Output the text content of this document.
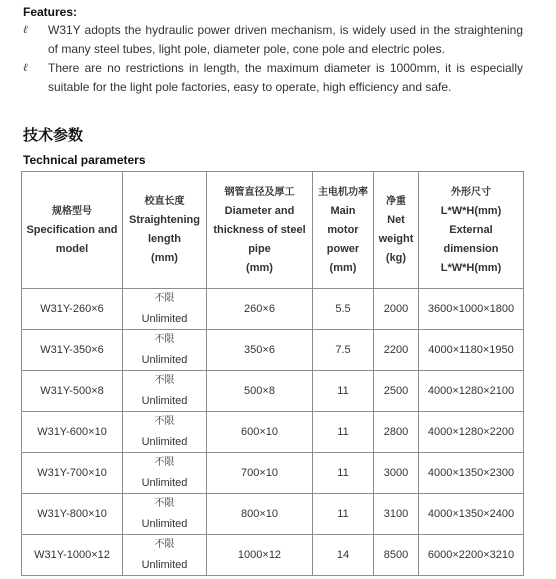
Features:
ℓ W31Y adopts the hydraulic power driven mechanism, is widely used in the straightening of many steel tubes, light pole, diameter pole, cone pole and electric poles.
ℓ There are no restrictions in length, the maximum diameter is 1000mm, it is especially suitable for the light pole factories, easy to operate, high efficiency and safe.
技术参数
Technical parameters
规格型号
Specification and
model	校直长度
Straightening
length
(mm)	钢管直径及厚工
Diameter and
thickness of steel
pipe
(mm)	主电机功率
Main
motor
power
(mm)	净重
Net
weight
(kg)	外形尺寸
L*W*H(mm)
External
dimension
L*W*H(mm)
W31Y-260×6	不限
Unlimited	260×6	5.5	2000	3600×1000×1800
W31Y-350×6	不限
Unlimited	350×6	7.5	2200	4000×1180×1950
W31Y-500×8	不限
Unlimited	500×8	11	2500	4000×1280×2100
W31Y-600×10	不限
Unlimited	600×10	11	2800	4000×1280×2200
W31Y-700×10	不限
Unlimited	700×10	11	3000	4000×1350×2300
W31Y-800×10	不限
Unlimited	800×10	11	3100	4000×1350×2400
W31Y-1000×12	不限
Unlimited	1000×12	14	8500	6000×2200×3210
